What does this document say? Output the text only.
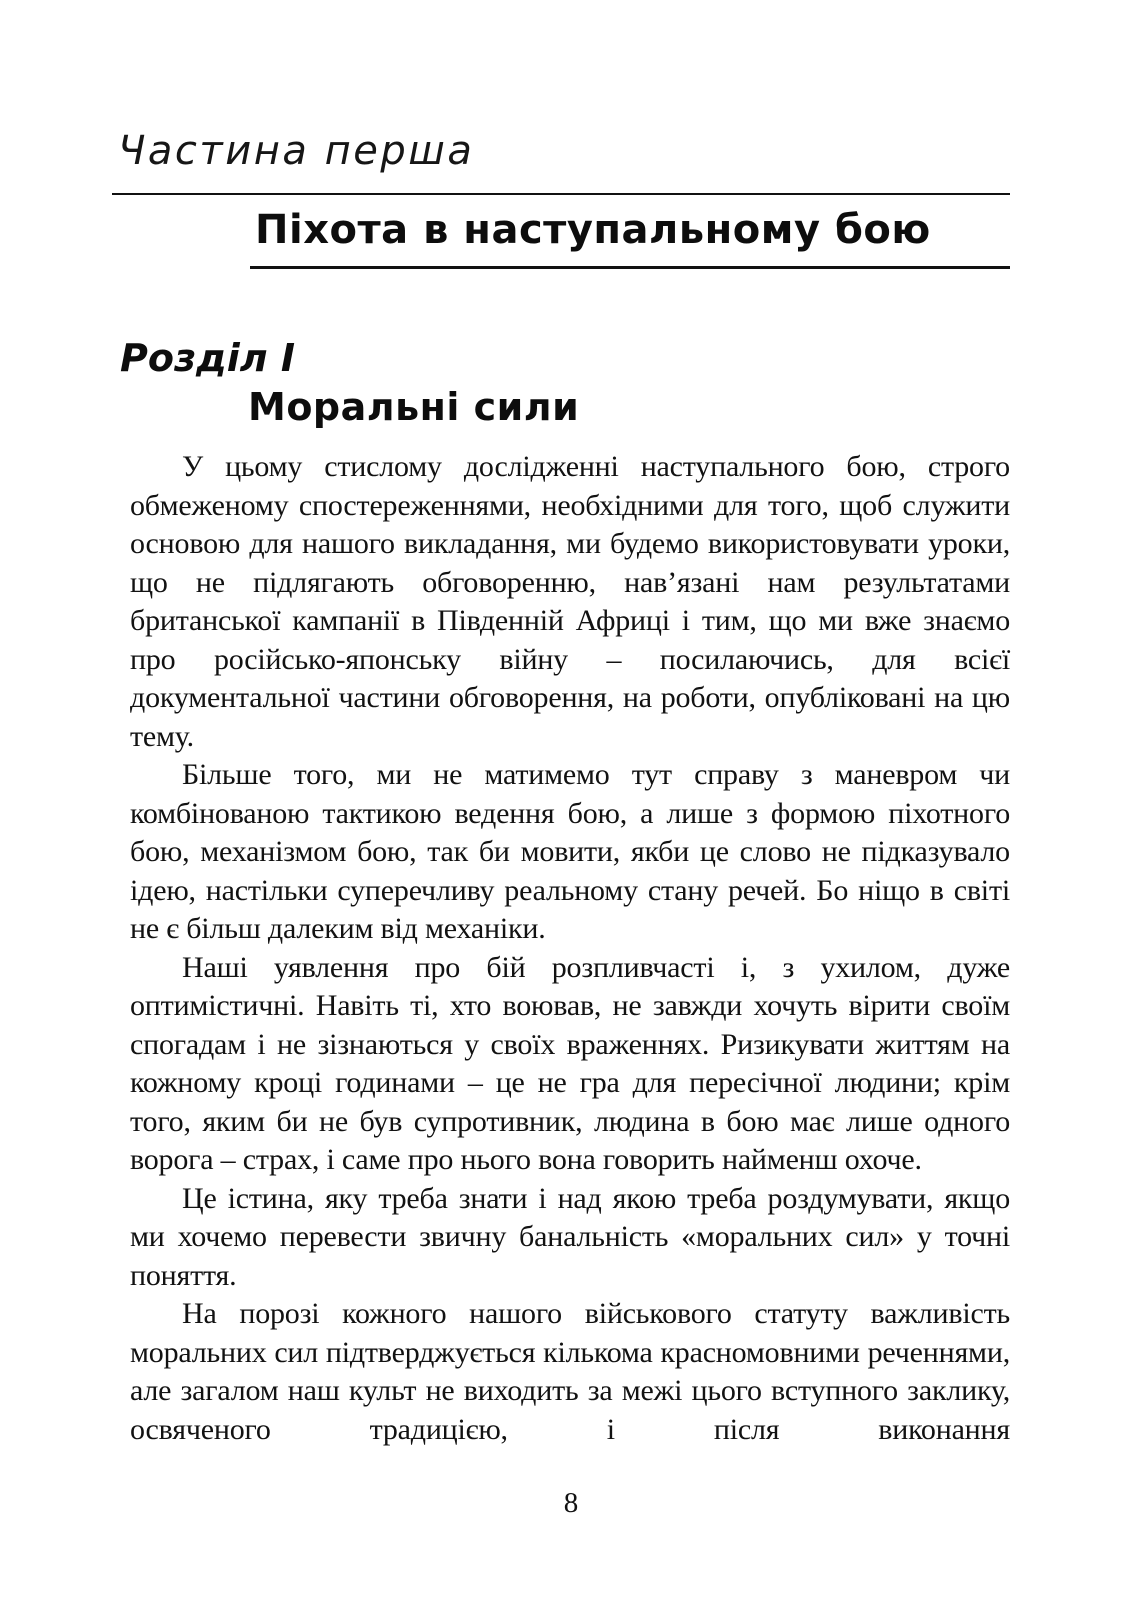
Частина перша
Піхота в наступальному бою
Розділ I
Моральні сили

У цьому стислому дослідженні наступального бою, строго обмеженому спостереженнями, необхідними для того, щоб служити основою для нашого викладання, ми будемо використовувати уроки, що не підлягають обговоренню, нав’язані нам результатами британської кампанії в Південній Африці і тим, що ми вже знаємо про російсько-японську війну – посилаючись, для всієї документальної частини обговорення, на роботи, опубліковані на цю тему.

Більше того, ми не матимемо тут справу з маневром чи комбінованою тактикою ведення бою, а лише з формою піхотного бою, механізмом бою, так би мовити, якби це слово не підказувало ідею, настільки суперечливу реальному стану речей. Бо ніщо в світі не є більш далеким від механіки.

Наші уявлення про бій розпливчасті і, з ухилом, дуже оптимістичні. Навіть ті, хто воював, не завжди хочуть вірити своїм спогадам і не зізнаються у своїх враженнях. Ризикувати життям на кожному кроці годинами – це не гра для пересічної людини; крім того, яким би не був супротивник, людина в бою має лише одного ворога – страх, і саме про нього вона говорить найменш охоче.

Це істина, яку треба знати і над якою треба роздумувати, якщо ми хочемо перевести звичну банальність «моральних сил» у точні поняття.

На порозі кожного нашого військового статуту важливість моральних сил підтверджується кількома красномовними реченнями, але загалом наш культ не виходить за межі цього вступного заклику, освяченого традицією, і після виконання

8
